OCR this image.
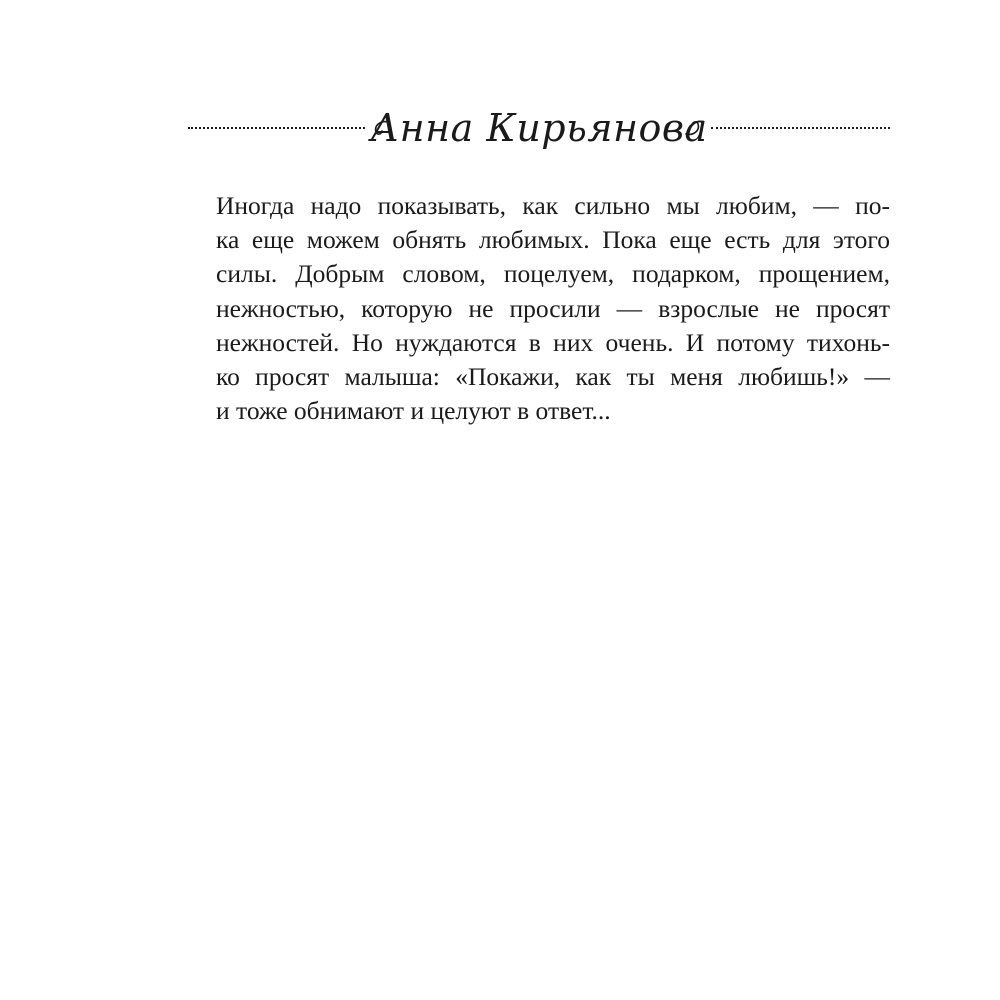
Анна Кирьянова
Иногда надо показывать, как сильно мы любим, — по-
ка еще можем обнять любимых. Пока еще есть для этого
силы. Добрым словом, поцелуем, подарком, прощением,
нежностью, которую не просили — взрослые не просят
нежностей. Но нуждаются в них очень. И потому тихонь-
ко просят малыша: «Покажи, как ты меня любишь!» —
и тоже обнимают и целуют в ответ...
